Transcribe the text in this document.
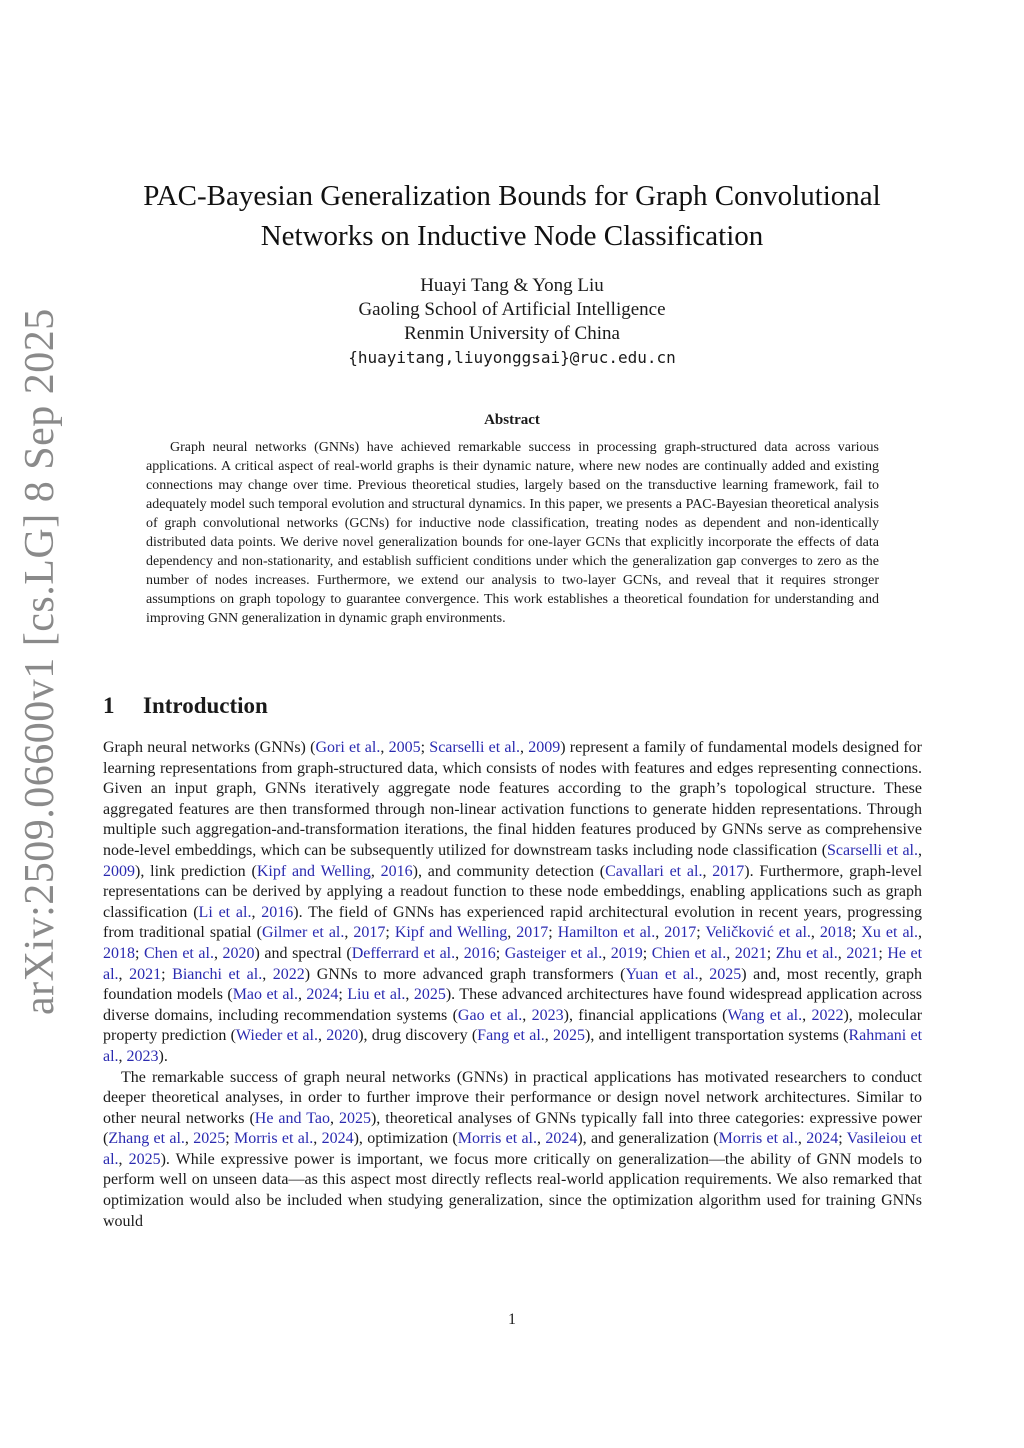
arXiv:2509.06600v1 [cs.LG] 8 Sep 2025
PAC-Bayesian Generalization Bounds for Graph Convolutional
Networks on Inductive Node Classification
Huayi Tang & Yong Liu
Gaoling School of Artificial Intelligence
Renmin University of China
{huayitang,liuyonggsai}@ruc.edu.cn
Abstract

Graph neural networks (GNNs) have achieved remarkable success in processing graph-structured data across various applications. A critical aspect of real-world graphs is their dynamic nature, where new nodes are continually added and existing connections may change over time. Previous theoretical studies, largely based on the transductive learning framework, fail to adequately model such temporal evolution and structural dynamics. In this paper, we presents a PAC-Bayesian theoretical analysis of graph convolutional networks (GCNs) for inductive node classification, treating nodes as dependent and non-identically distributed data points. We derive novel generalization bounds for one-layer GCNs that explicitly incorporate the effects of data dependency and non-stationarity, and establish sufficient conditions under which the generalization gap converges to zero as the number of nodes increases. Furthermore, we extend our analysis to two-layer GCNs, and reveal that it requires stronger assumptions on graph topology to guarantee convergence. This work establishes a theoretical foundation for understanding and improving GNN generalization in dynamic graph environments.

1 Introduction

Graph neural networks (GNNs) (Gori et al., 2005; Scarselli et al., 2009) represent a family of fundamental models designed for learning representations from graph-structured data, which consists of nodes with features and edges representing connections. Given an input graph, GNNs iteratively aggregate node features according to the graph’s topological structure. These aggregated features are then transformed through non-linear activation functions to generate hidden representations. Through multiple such aggregation-and-transformation iterations, the final hidden features produced by GNNs serve as comprehensive node-level embeddings, which can be subsequently utilized for downstream tasks including node classification (Scarselli et al., 2009), link prediction (Kipf and Welling, 2016), and community detection (Cavallari et al., 2017). Furthermore, graph-level representations can be derived by applying a readout function to these node embeddings, enabling applications such as graph classification (Li et al., 2016). The field of GNNs has experienced rapid architectural evolution in recent years, progressing from traditional spatial (Gilmer et al., 2017; Kipf and Welling, 2017; Hamilton et al., 2017; Veličković et al., 2018; Xu et al., 2018; Chen et al., 2020) and spectral (Defferrard et al., 2016; Gasteiger et al., 2019; Chien et al., 2021; Zhu et al., 2021; He et al., 2021; Bianchi et al., 2022) GNNs to more advanced graph transformers (Yuan et al., 2025) and, most recently, graph foundation models (Mao et al., 2024; Liu et al., 2025). These advanced architectures have found widespread application across diverse domains, including recommendation systems (Gao et al., 2023), financial applications (Wang et al., 2022), molecular property prediction (Wieder et al., 2020), drug discovery (Fang et al., 2025), and intelligent transportation systems (Rahmani et al., 2023).

The remarkable success of graph neural networks (GNNs) in practical applications has motivated researchers to conduct deeper theoretical analyses, in order to further improve their performance or design novel network architectures. Similar to other neural networks (He and Tao, 2025), theoretical analyses of GNNs typically fall into three categories: expressive power (Zhang et al., 2025; Morris et al., 2024), optimization (Morris et al., 2024), and generalization (Morris et al., 2024; Vasileiou et al., 2025). While expressive power is important, we focus more critically on generalization—the ability of GNN models to perform well on unseen data—as this aspect most directly reflects real-world application requirements. We also remarked that optimization would also be included when studying generalization, since the optimization algorithm used for training GNNs would

1
